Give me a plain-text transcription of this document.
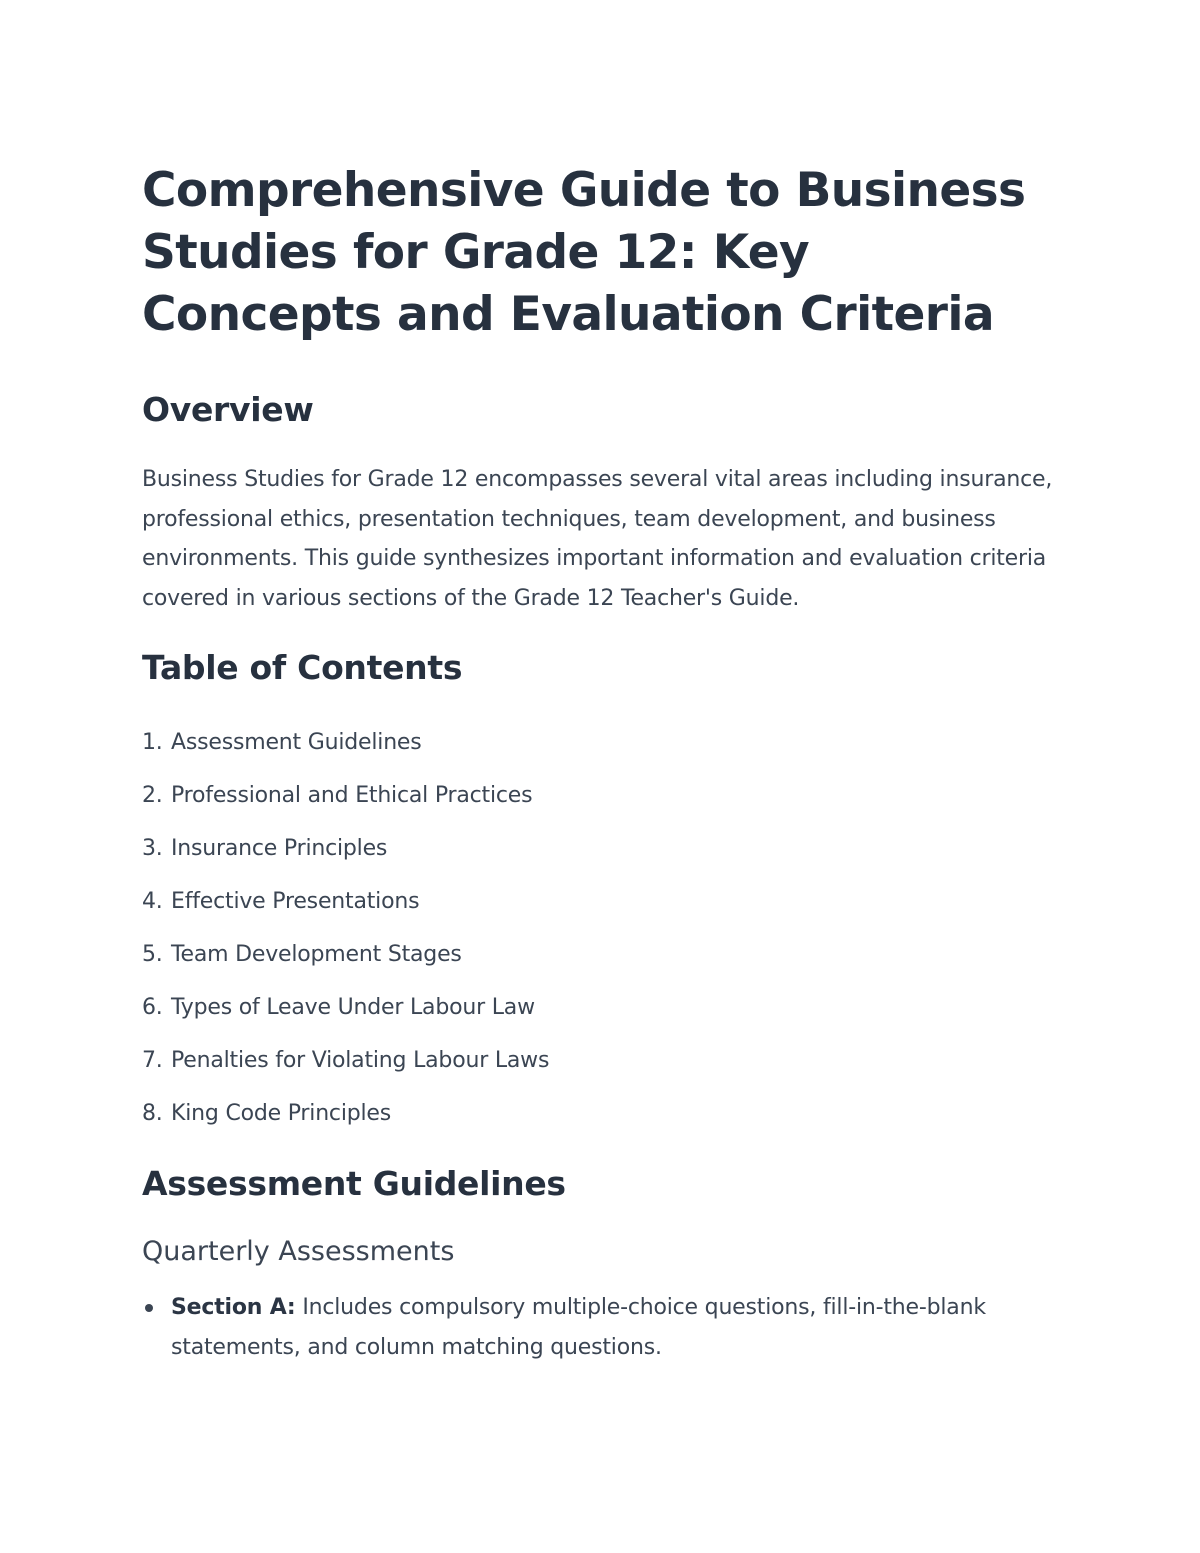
Comprehensive Guide to Business Studies for Grade 12: Key Concepts and Evaluation Criteria
Overview

Business Studies for Grade 12 encompasses several vital areas including insurance, professional ethics, presentation techniques, team development, and business environments. This guide synthesizes important information and evaluation criteria covered in various sections of the Grade 12 Teacher's Guide.

Table of Contents
1. Assessment Guidelines
2. Professional and Ethical Practices
3. Insurance Principles
4. Effective Presentations
5. Team Development Stages
6. Types of Leave Under Labour Law
7. Penalties for Violating Labour Laws
8. King Code Principles
Assessment Guidelines
Quarterly Assessments
Section A: Includes compulsory multiple-choice questions, fill-in-the-blank statements, and column matching questions.
